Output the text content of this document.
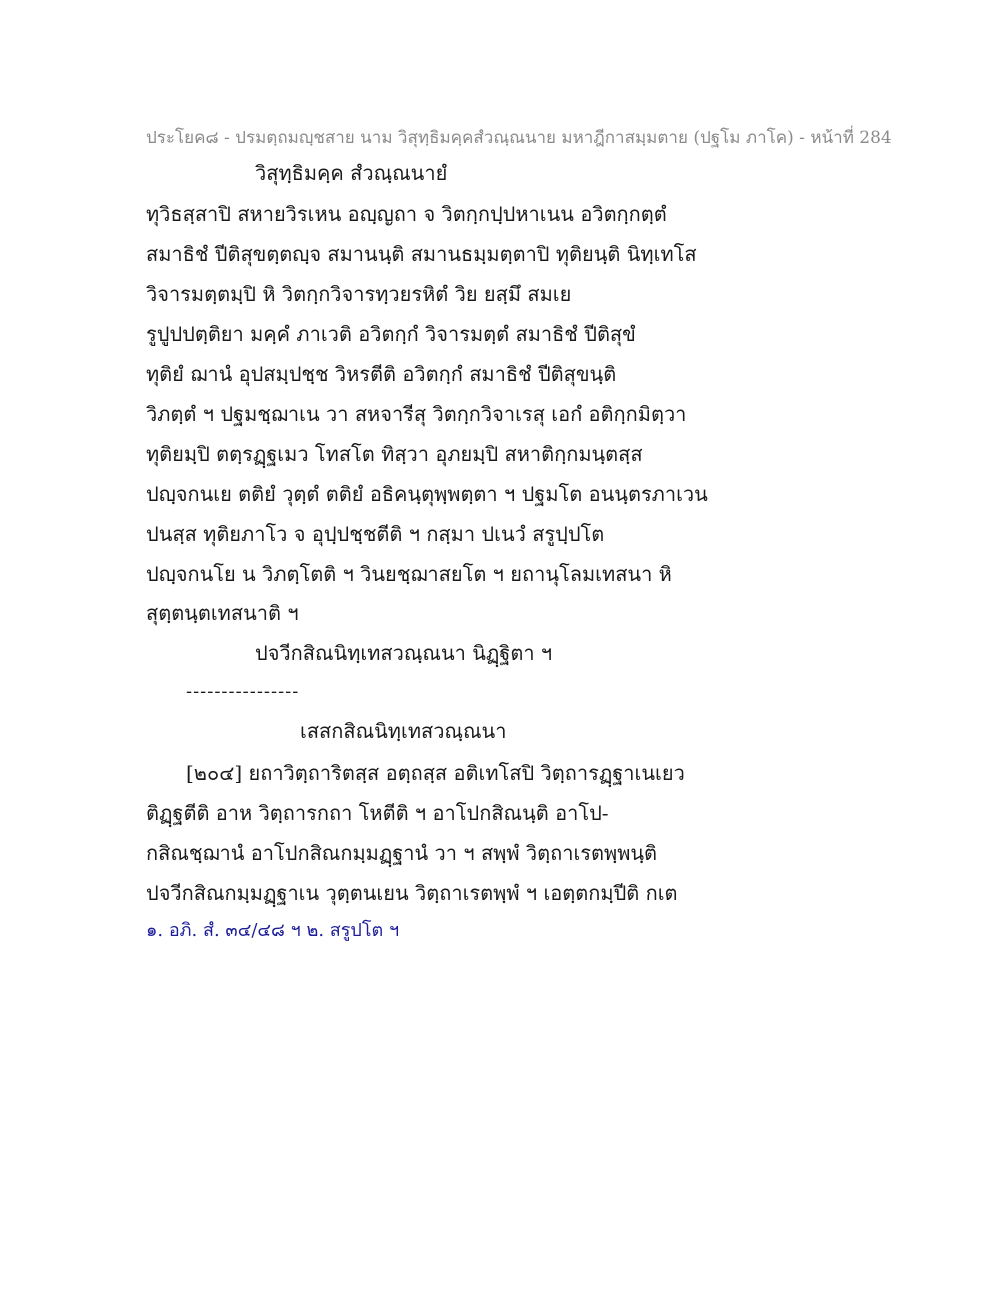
ประโยค๘ - ปรมตฺถมญฺชสาย นาม วิสุทฺธิมคฺคสํวณฺณนาย มหาฎีกาสมฺมตาย (ปฐโม ภาโค) - หน้าที่ 284
วิสุทฺธิมคฺค สํวณฺณนายํ
ทุวิธสฺสาปิ สหายวิรเหน อญฺญถา จ วิตกฺกปฺปหาเนน อวิตกฺกตฺตํ
สมาธิชํ ปีติสุขตฺตญฺจ สมานนฺติ สมานธมฺมตฺตาปิ ทุติยนฺติ นิทฺเทโส
วิจารมตฺตมฺปิ หิ วิตกฺกวิจารทฺวยรหิตํ วิย ยสฺมึ สมเย
รูปูปปตฺติยา มคฺคํ ภาเวติ อวิตกฺกํ วิจารมตฺตํ สมาธิชํ ปีติสุขํ
ทุติยํ ฌานํ อุปสมฺปชฺช วิหรตีติ อวิตกฺกํ สมาธิชํ ปีติสุขนฺติ
วิภตฺตํ ฯ ปฐมชฺฌาเน วา สหจารีสุ วิตกฺกวิจาเรสุ เอกํ อติกฺกมิตฺวา
ทุติยมฺปิ ตตฺรฏฺฐเมว โทสโต ทิสฺวา อุภยมฺปิ สหาติกฺกมนฺตสฺส
ปญฺจกนเย ตติยํ วุตฺตํ ตติยํ อธิคนฺตุพฺพตฺตา ฯ ปฐมโต อนนฺตรภาเวน
ปนสฺส ทุติยภาโว จ อุปฺปชฺชตีติ ฯ กสฺมา ปเนวํ สรูปฺปโต
ปญฺจกนโย น วิภตฺโตติ ฯ วินยชฺฌาสยโต ฯ ยถานุโลมเทสนา หิ
สุตฺตนฺตเทสนาติ ฯ
ปจวีกสิณนิทฺเทสวณฺณนา นิฏฺฐิตา ฯ
----------------
เสสกสิณนิทฺเทสวณฺณนา
[๒๐๔] ยถาวิตฺถาริตสฺส อตฺถสฺส อติเทโสปิ วิตฺถารฏฺฐาเนเยว
ติฏฺฐตีติ อาห วิตฺถารกถา โหตีติ ฯ อาโปกสิณนฺติ อาโป-
กสิณชฺฌานํ อาโปกสิณกมฺมฏฺฐานํ วา ฯ สพฺพํ วิตฺถาเรตพฺพนฺติ
ปจวีกสิณกมฺมฏฺฐาเน วุตฺตนเยน วิตฺถาเรตพฺพํ ฯ เอตฺตกมฺปีติ กเต
๑. อภิ. สํ. ๓๔/๔๘ ฯ ๒. สรูปโต ฯ
